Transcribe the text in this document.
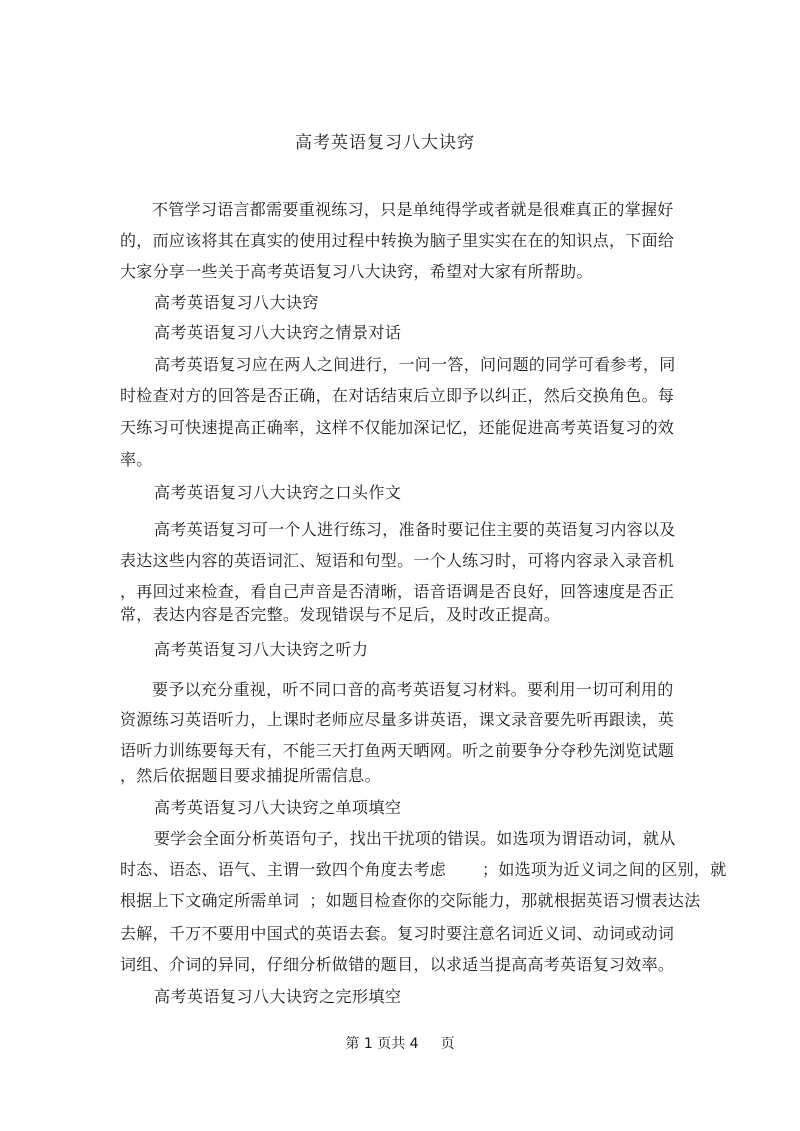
高考英语复习八大诀窍
不管学习语言都需要重视练习，只是单纯得学或者就是很难真正的掌握好
的，而应该将其在真实的使用过程中转换为脑子里实实在在的知识点，下面给
大家分享一些关于高考英语复习八大诀窍，希望对大家有所帮助。
高考英语复习八大诀窍
高考英语复习八大诀窍之情景对话
高考英语复习应在两人之间进行，一问一答，问问题的同学可看参考，同
时检查对方的回答是否正确，在对话结束后立即予以纠正，然后交换角色。每
天练习可快速提高正确率，这样不仅能加深记忆，还能促进高考英语复习的效
率。
高考英语复习八大诀窍之口头作文
高考英语复习可一个人进行练习，准备时要记住主要的英语复习内容以及
表达这些内容的英语词汇、短语和句型。一个人练习时，可将内容录入录音机
，再回过来检查，看自己声音是否清晰，语音语调是否良好，回答速度是否正
常，表达内容是否完整。发现错误与不足后，及时改正提高。
高考英语复习八大诀窍之听力
要予以充分重视，听不同口音的高考英语复习材料。要利用一切可利用的
资源练习英语听力，上课时老师应尽量多讲英语，课文录音要先听再跟读，英
语听力训练要每天有，不能三天打鱼两天晒网。听之前要争分夺秒先浏览试题
，然后依据题目要求捕捉所需信息。
高考英语复习八大诀窍之单项填空
要学会全面分析英语句子，找出干扰项的错误。如选项为谓语动词，就从
时态、语态、语气、主谓一致四个角度去考虑 ；如选项为近义词之间的区别，就
根据上下文确定所需单词 ；如题目检查你的交际能力，那就根据英语习惯表达法
去解，千万不要用中国式的英语去套。复习时要注意名词近义词、动词或动词
词组、介词的异同，仔细分析做错的题目，以求适当提高高考英语复习效率。
高考英语复习八大诀窍之完形填空
第 1 页共 4 页
